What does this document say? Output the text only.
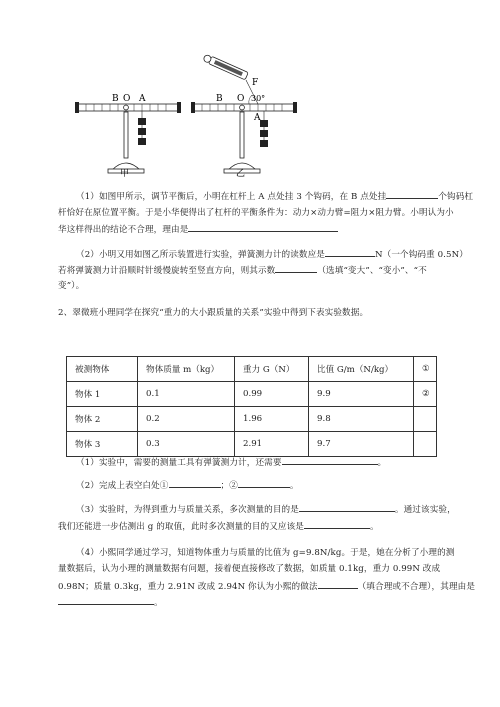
B O A
甲
B O 30°
A
F
乙
（1）如图甲所示，调节平衡后，小明在杠杆上 A 点处挂 3 个钩码，在 B 点处挂	个钩码杠
杆恰好在原位置平衡。于是小华便得出了杠杆的平衡条件为：动力×动力臂=阻力×阻力臂。小明认为小
华这样得出的结论不合理，理由是
（2）小明又用如图乙所示装置进行实验，弹簧测力计的读数应是	N（一个钩码重 0.5N）
若将弹簧测力计沿顺时针缓慢旋转至竖直方向，则其示数	（选填“变大”、“变小”、“不
变”）。
2、翠微班小理同学在探究“重力的大小跟质量的关系”实验中得到下表实验数据。
被测物体	物体质量 m（kg）	重力 G（N）	比值 G/m（N/kg）	①
物体 1	0.1	0.99	9.9	②
物体 2	0.2	1.96	9.8	
物体 3	0.3	2.91	9.7	
（1）实验中，需要的测量工具有弹簧测力计，还需要	。
（2）完成上表空白处①	；②	。
（3）实验时，为得到重力与质量关系，多次测量的目的是	。通过该实验，
我们还能进一步估测出 g 的取值，此时多次测量的目的又应该是	。
（4）小熙同学通过学习，知道物体重力与质量的比值为 g=9.8N/kg。于是，她在分析了小理的测
量数据后，认为小理的测量数据有问题，接着便直接修改了数据，如质量 0.1kg，重力 0.99N 改成
0.98N；质量 0.3kg，重力 2.91N 改成 2.94N 你认为小熙的做法	（填合理或不合理），其理由是
。
